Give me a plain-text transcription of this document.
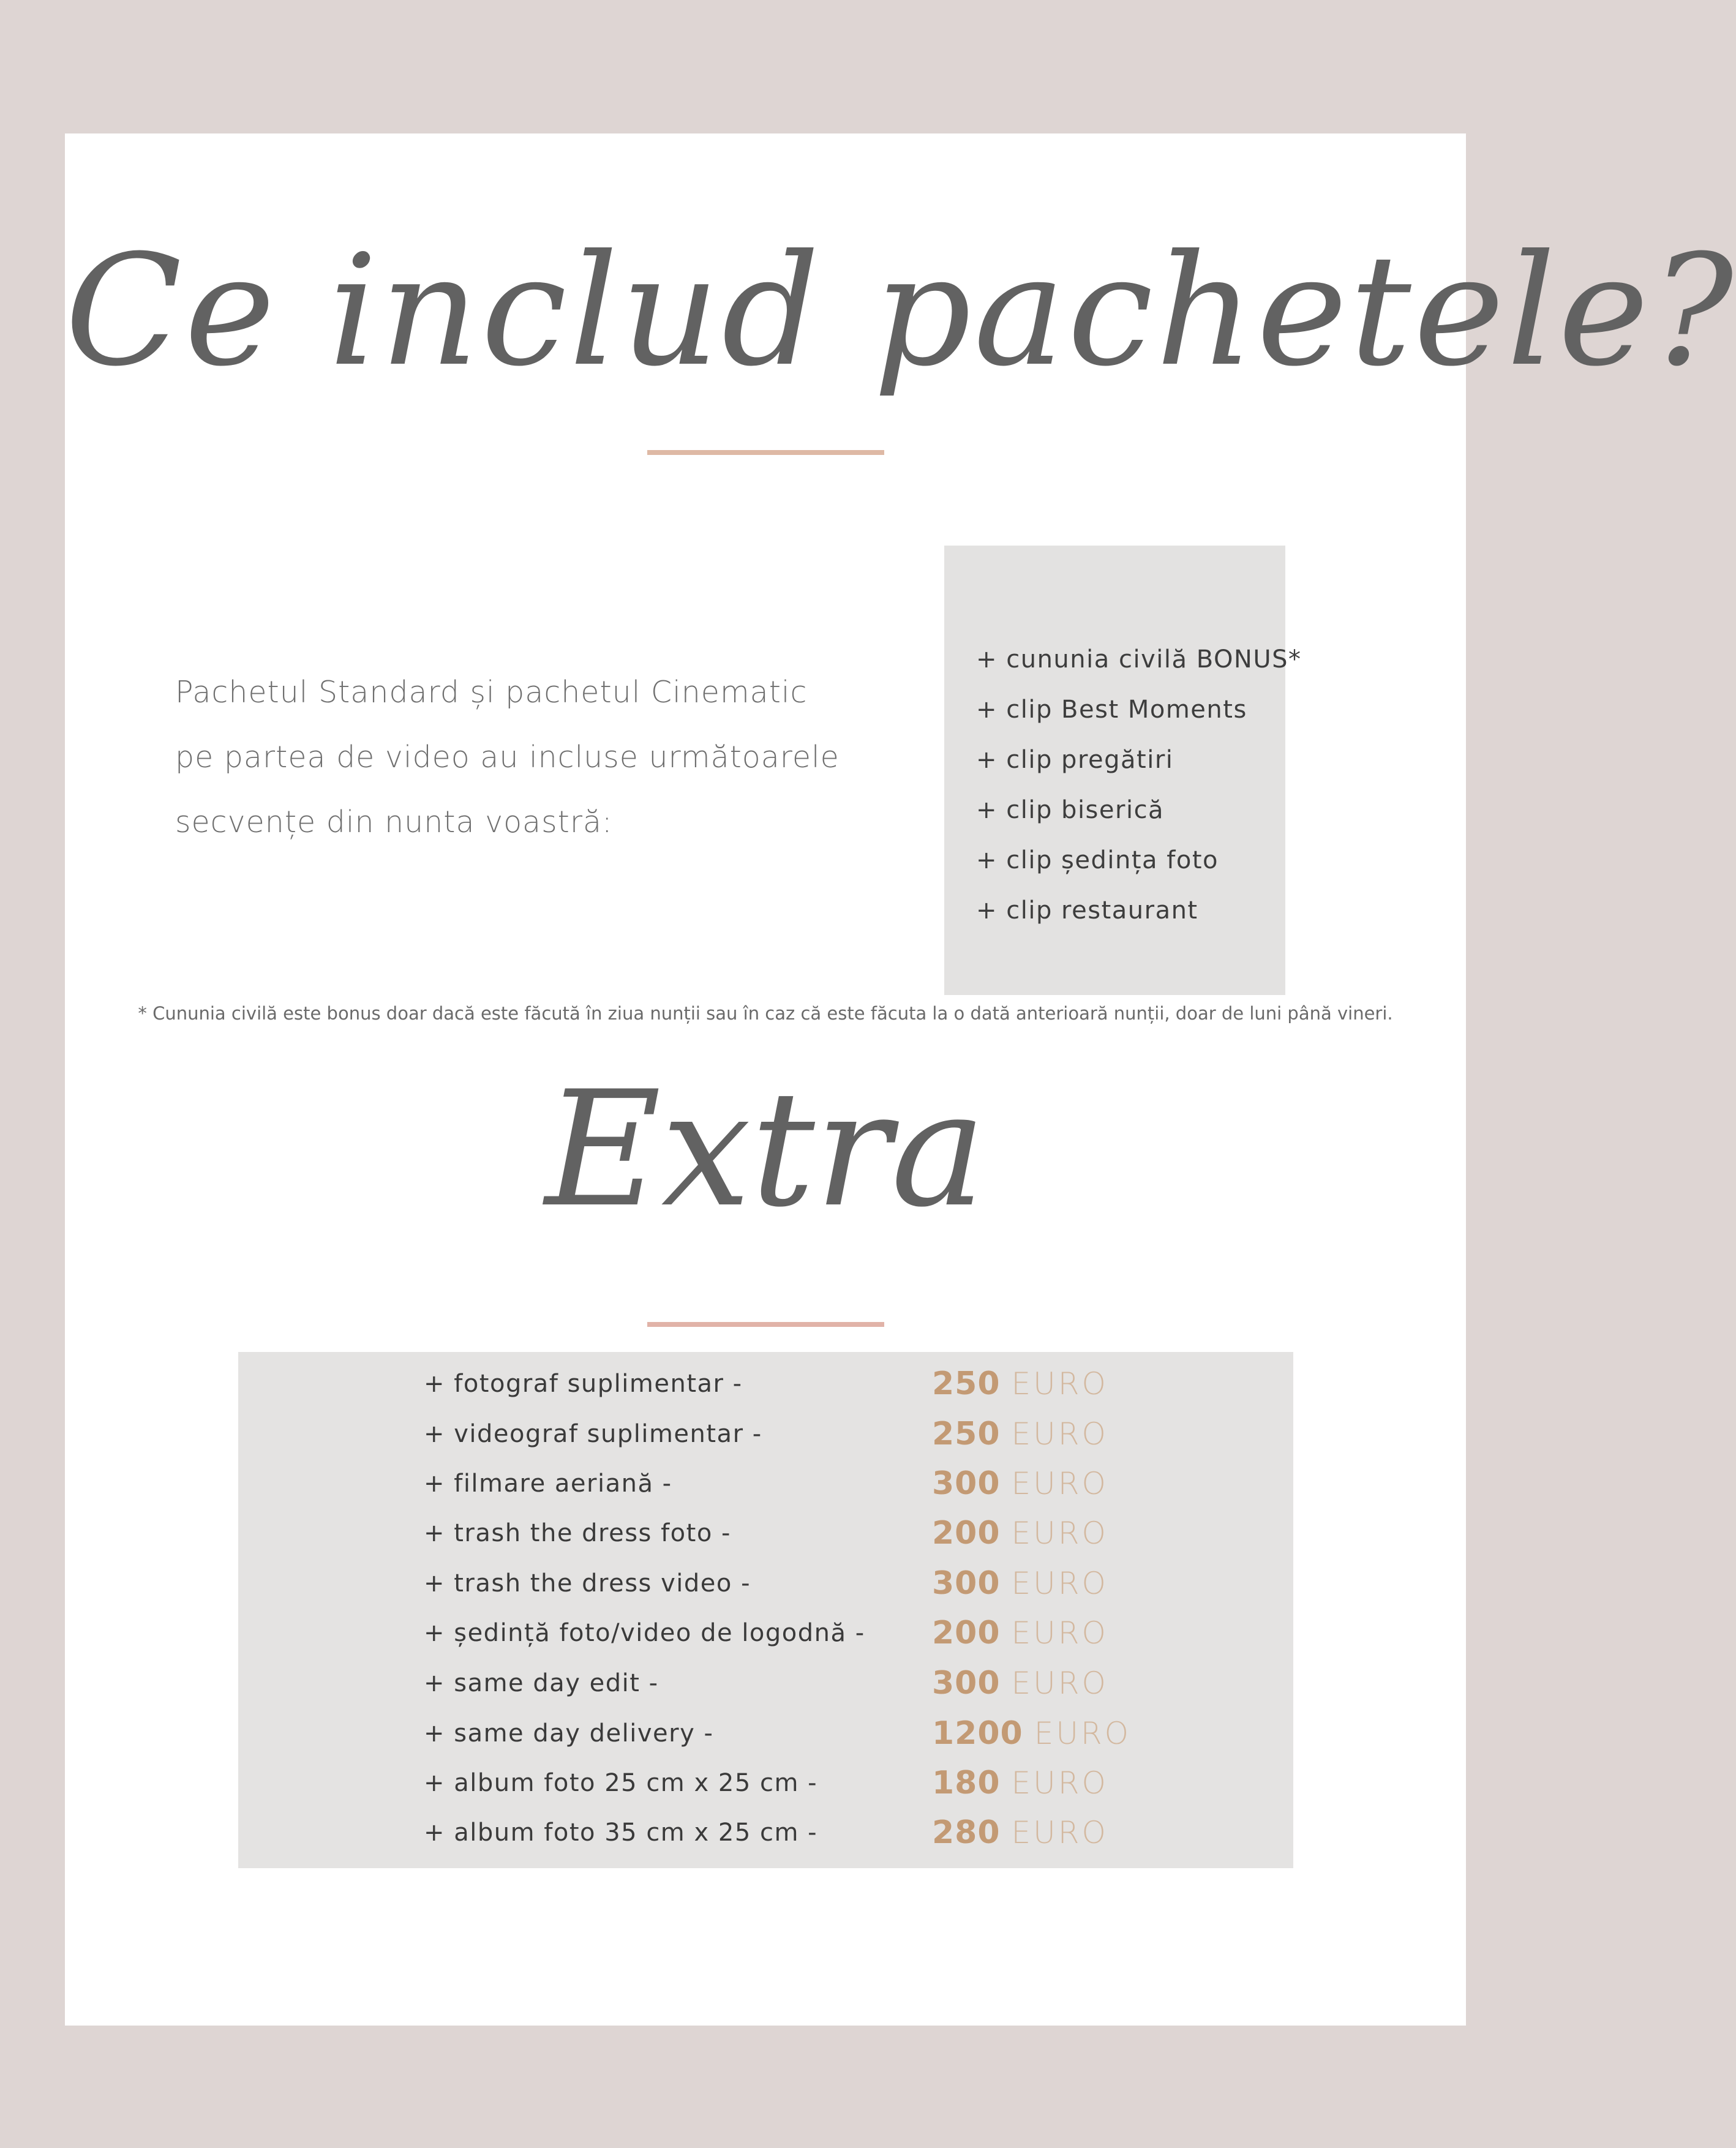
Ce includ pachetele?
Pachetul Standard și pachetul Cinematic
pe partea de video au incluse următoarele
secvențe din nunta voastră:
+ cununia civilă BONUS*
+ clip Best Moments
+ clip pregătiri
+ clip biserică
+ clip ședința foto
+ clip restaurant
* Cununia civilă este bonus doar dacă este făcută în ziua nunții sau în caz că este făcuta la o dată anterioară nunții, doar de luni până vineri.
Extra
+ fotograf suplimentar -	250 EURO
+ videograf suplimentar -	250 EURO
+ filmare aeriană -	300 EURO
+ trash the dress foto -	200 EURO
+ trash the dress video -	300 EURO
+ ședință foto/video de logodnă - 200 EURO
+ same day edit -	300 EURO
+ same day delivery -	1200 EURO
+ album foto 25 cm x 25 cm -	180 EURO
+ album foto 35 cm x 25 cm -	280 EURO
